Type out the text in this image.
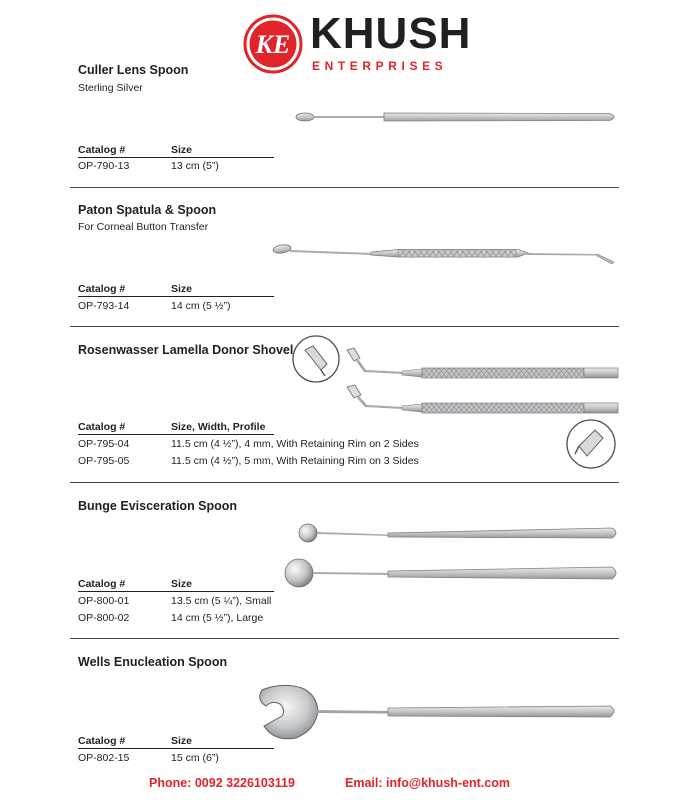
KE KHUSH
ENTERPRISES
Culler Lens Spoon
Sterling Silver
Catalog #	Size
OP-790-13	13 cm (5”)
Paton Spatula & Spoon
For Corneal Button Transfer
Catalog #	Size
OP-793-14	14 cm (5 ½”)
Rosenwasser Lamella Donor Shovel
Catalog #	Size, Width, Profile
OP-795-04	11.5 cm (4 ½”), 4 mm, With Retaining Rim on 2 Sides
OP-795-05	11.5 cm (4 ½”), 5 mm, With Retaining Rim on 3 Sides
Bunge Evisceration Spoon
Catalog #	Size
OP-800-01	13.5 cm (5 ¼”), Small
OP-800-02	14 cm (5 ½”), Large
Wells Enucleation Spoon
Catalog #	Size
OP-802-15	15 cm (6”)
Phone: 0092 3226103119	Email: info@khush-ent.com
